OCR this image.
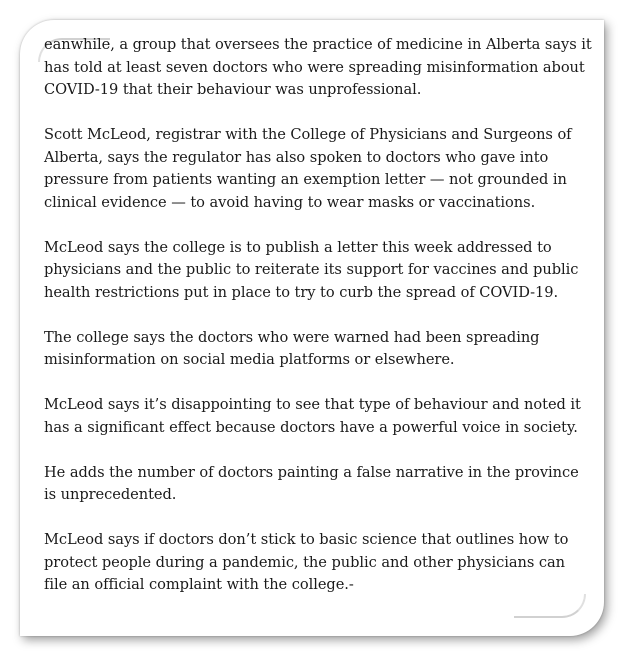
eanwhile, a group that oversees the practice of medicine in Alberta says it has told at least seven doctors who were spreading misinformation about COVID-19 that their behaviour was unprofessional.

Scott McLeod, registrar with the College of Physicians and Surgeons of Alberta, says the regulator has also spoken to doctors who gave into pressure from patients wanting an exemption letter — not grounded in clinical evidence — to avoid having to wear masks or vaccinations.

McLeod says the college is to publish a letter this week addressed to physicians and the public to reiterate its support for vaccines and public health restrictions put in place to try to curb the spread of COVID-19.

The college says the doctors who were warned had been spreading misinformation on social media platforms or elsewhere.

McLeod says it’s disappointing to see that type of behaviour and noted it has a significant effect because doctors have a powerful voice in society.

He adds the number of doctors painting a false narrative in the province is unprecedented.

McLeod says if doctors don’t stick to basic science that outlines how to protect people during a pandemic, the public and other physicians can file an official complaint with the college.-
